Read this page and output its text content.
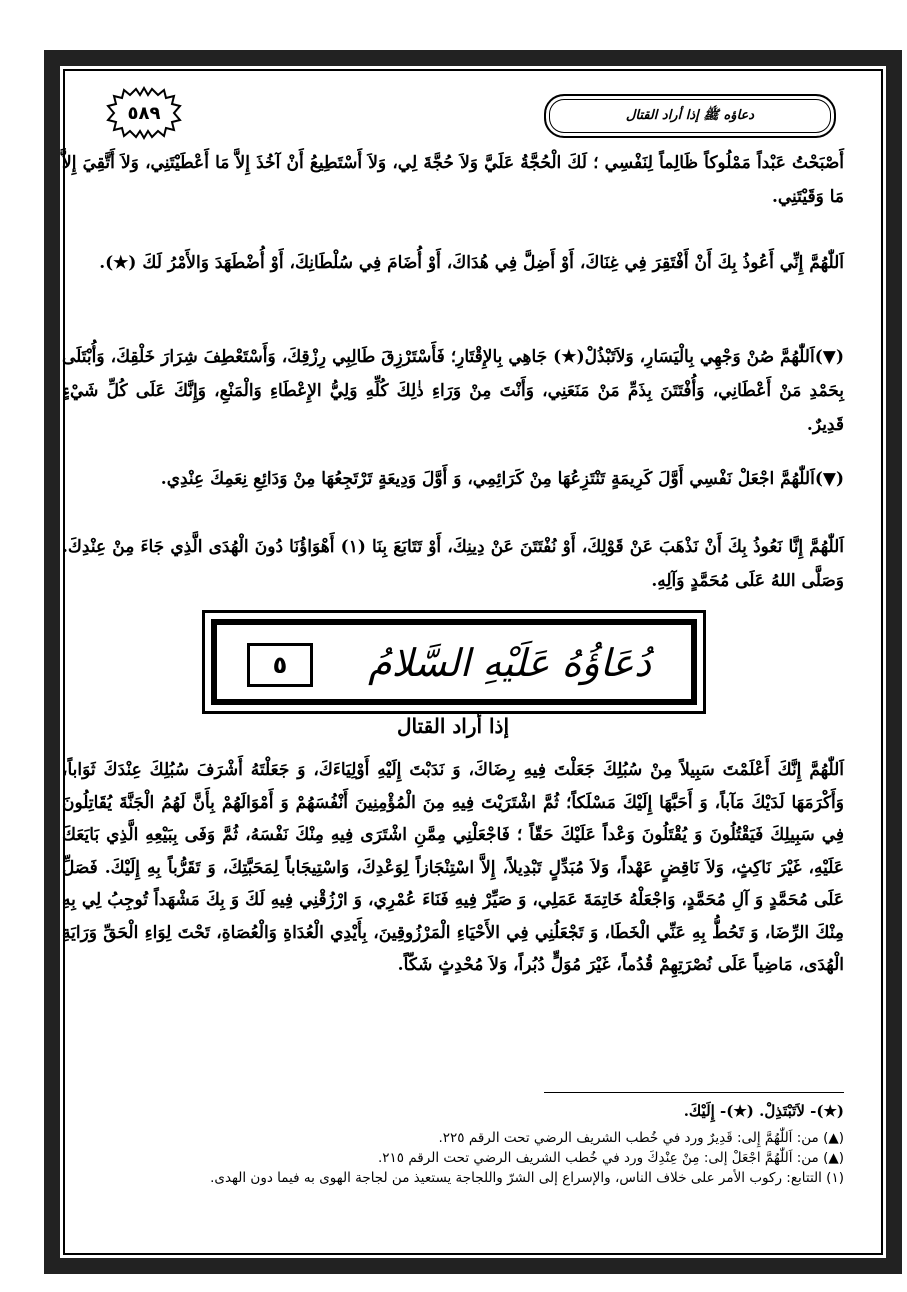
دعاؤه ﷺ إذا أراد القتال
٥٨٩
أَصْبَحْتُ عَبْداً مَمْلُوكاً ظَالِماً لِنَفْسِي ؛ لَكَ الْحُجَّةُ عَلَيَّ وَلاَ حُجَّةَ لِي، وَلاَ أَسْتَطِيعُ أَنْ آخُذَ إِلاَّ مَا أَعْطَيْتَنِي، وَلاَ أَتَّقِيَ إِلاَّ مَا وَقَيْتَنِي.
اَللّٰهُمَّ إِنِّي أَعُوذُ بِكَ أَنْ أَفْتَقِرَ فِي غِنَاكَ، أَوْ أَضِلَّ فِي هُدَاكَ، أَوْ أُضَامَ فِي سُلْطَانِكَ، أَوْ أُضْطَهَدَ وَالأَمْرُ لَكَ (★).
(▼)اَللّٰهُمَّ صُنْ وَجْهِي بِالْيَسَارِ، وَلاَتَبْذُلْ(★) جَاهِي بِالإِقْتَارِ؛ فَأَسْتَرْزِقَ طَالِبِي رِزْقِكَ، وَأَسْتَعْطِفَ شِرَارَ خَلْقِكَ، وَأُبْتَلَى بِحَمْدِ مَنْ أَعْطَانِي، وَأُفْتَتَنَ بِذَمِّ مَنْ مَنَعَنِي، وَأَنْتَ مِنْ وَرَاءِ ذٰلِكَ كُلِّهِ وَلِيُّ الإِعْطَاءِ وَالْمَنْعِ، وَإِنَّكَ عَلَى كُلِّ شَيْءٍ قَدِيرٌ.
(▼)اَللّٰهُمَّ اجْعَلْ نَفْسِي أَوَّلَ كَرِيمَةٍ تَنْتَزِعُهَا مِنْ كَرَائِمِي، وَ أَوَّلَ وَدِيعَةٍ تَرْتَجِعُهَا مِنْ وَدَائِعِ نِعَمِكَ عِنْدِي.
اَللّٰهُمَّ إِنَّا نَعُوذُ بِكَ أَنْ نَذْهَبَ عَنْ قَوْلِكَ، أَوْ نُفْتَتَنَ عَنْ دِينِكَ، أَوْ تَتَابَعَ بِنَا (١) أَهْوَاؤُنَا دُونَ الْهُدَى الَّذِي جَاءَ مِنْ عِنْدِكَ. وَصَلَّى اللهُ عَلَى مُحَمَّدٍ وَآلِهِ.
دُعَاؤُهُ عَلَيْهِ السَّلامُ
٥
إذا أراد القتال
اَللّٰهُمَّ إِنَّكَ أَعْلَمْتَ سَبِيلاً مِنْ سُبُلِكَ جَعَلْتَ فِيهِ رِضَاكَ، وَ نَدَبْتَ إِلَيْهِ أَوْلِيَاءَكَ، وَ جَعَلْتَهُ أَشْرَفَ سُبُلِكَ عِنْدَكَ ثَوَاباً، وَأَكْرَمَهَا لَدَيْكَ مَآباً، وَ أَحَبَّهَا إِلَيْكَ مَسْلَكاً؛ ثُمَّ اشْتَرَيْتَ فِيهِ مِنَ الْمُؤْمِنِينَ أَنْفُسَهُمْ وَ أَمْوَالَهُمْ بِأَنَّ لَهُمُ الْجَنَّةَ يُقَاتِلُونَ فِي سَبِيلِكَ فَيَقْتُلُونَ وَ يُقْتَلُونَ وَعْداً عَلَيْكَ حَقّاً ؛ فَاجْعَلْنِي مِمَّنِ اشْتَرَى فِيهِ مِنْكَ نَفْسَهُ، ثُمَّ وَفَى بِبَيْعِهِ الَّذِي بَايَعَكَ عَلَيْهِ، غَيْرَ نَاكِثٍ، وَلاَ نَاقِضٍ عَهْداً، وَلاَ مُبَدِّلٍ تَبْدِيلاً، إِلاَّ اسْتِنْجَازاً لِوَعْدِكَ، وَاسْتِيجَاباً لِمَحَبَّتِكَ، وَ تَقَرُّباً بِهِ إِلَيْكَ. فَصَلِّ عَلَى مُحَمَّدٍ وَ آلِ مُحَمَّدٍ، وَاجْعَلْهُ خَاتِمَةَ عَمَلِي، وَ صَيِّرْ فِيهِ فَنَاءَ عُمْرِي، وَ ارْزُقْنِي فِيهِ لَكَ وَ بِكَ مَشْهَداً تُوجِبُ لِي بِهِ مِنْكَ الرِّضَا، وَ تَحُطُّ بِهِ عَنِّي الْخَطَا، وَ تَجْعَلُنِي فِي الأَحْيَاءِ الْمَرْزُوقِينَ، بِأَيْدِي الْعُدَاةِ وَالْعُصَاةِ، تَحْتَ لِوَاءِ الْحَقِّ وَرَايَةِ الْهُدَى، مَاضِياً عَلَى نُصْرَتِهِمْ قُدُماً، غَيْرَ مُوَلٍّ دُبُراً، وَلاَ مُحْدِثٍ شَكّاً.
(★)- لاَتَبْتَذِلْ. (★)- إِلَيْكَ.
(▲) من: اَللّٰهُمَّ إِلى: قَدِيرٌ ورد في خُطب الشريف الرضي تحت الرقم ٢٢٥.
(▲) من: اَللّٰهُمَّ اجْعَلْ إلى: مِنْ عِنْدِكَ ورد في خُطب الشريف الرضي تحت الرقم ٢١٥.
(١) التتابع: ركوب الأمر على خلاف الناس، والإسراع إلى الشرّ واللجاجة يستعيذ من لجاجة الهوى به فيما دون الهدى.
